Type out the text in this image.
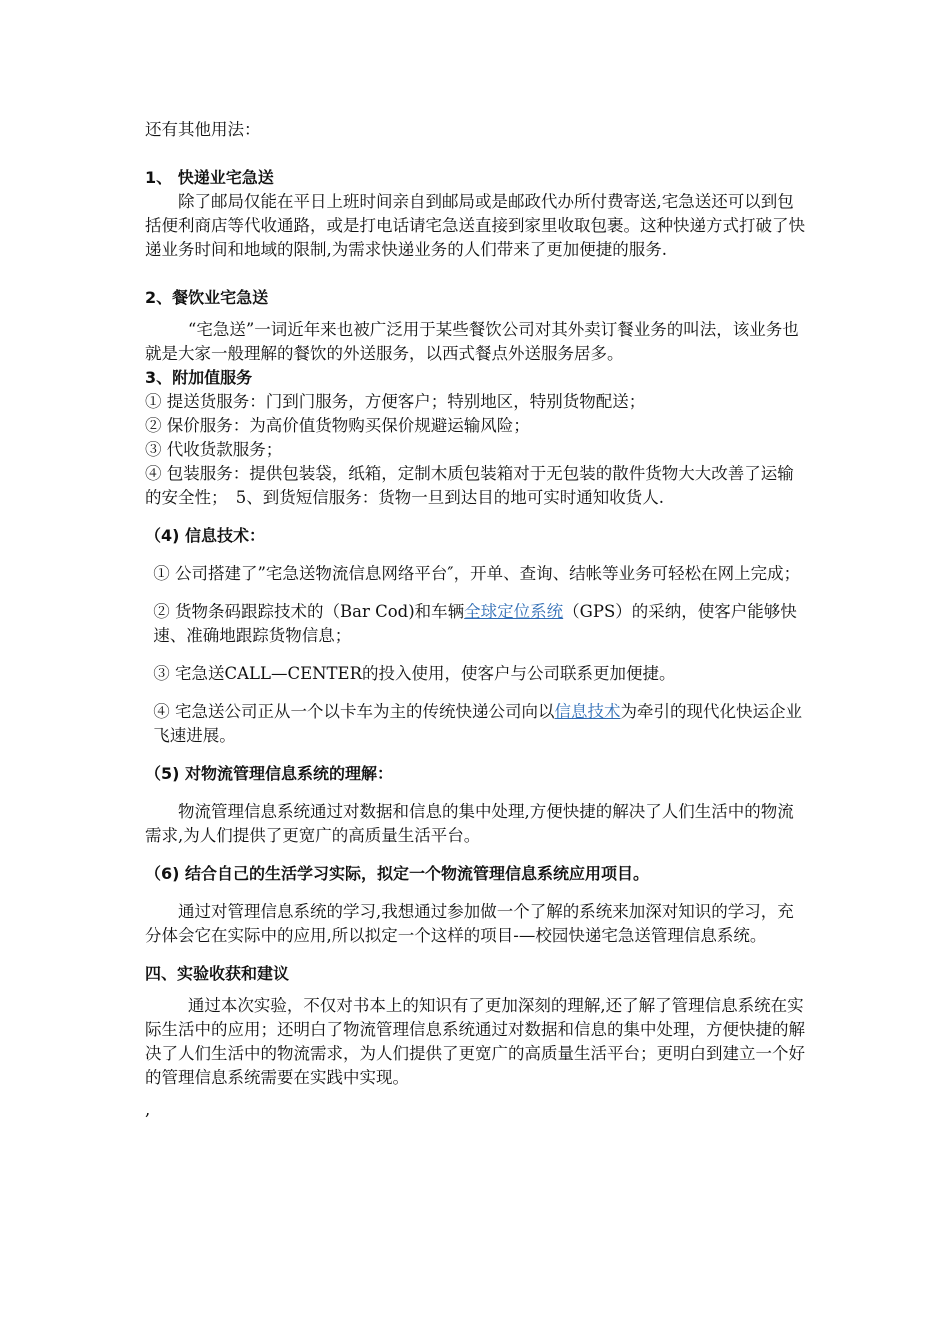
还有其他用法：

1、 快递业宅急送

除了邮局仅能在平日上班时间亲自到邮局或是邮政代办所付费寄送,宅急送还可以到包括便利商店等代收通路，或是打电话请宅急送直接到家里收取包裹。这种快递方式打破了快递业务时间和地域的限制,为需求快递业务的人们带来了更加便捷的服务.

2、餐饮业宅急送

“宅急送”一词近年来也被广泛用于某些餐饮公司对其外卖订餐业务的叫法，该业务也就是大家一般理解的餐饮的外送服务，以西式餐点外送服务居多。

3、附加值服务

① 提送货服务：门到门服务，方便客户；特别地区，特别货物配送；

② 保价服务：为高价值货物购买保价规避运输风险；

③ 代收货款服务；

④ 包装服务：提供包装袋，纸箱，定制木质包装箱对于无包装的散件货物大大改善了运输的安全性；　5、到货短信服务：货物一旦到达目的地可实时通知收货人.

（4) 信息技术：

① 公司搭建了”宅急送物流信息网络平台″，开单、查询、结帐等业务可轻松在网上完成；

② 货物条码跟踪技术的（Bar Cod)和车辆全球定位系统（GPS）的采纳，使客户能够快速、准确地跟踪货物信息；

③ 宅急送CALL—CENTER的投入使用，使客户与公司联系更加便捷。

④ 宅急送公司正从一个以卡车为主的传统快递公司向以信息技术为牵引的现代化快运企业飞速进展。

（5) 对物流管理信息系统的理解：

物流管理信息系统通过对数据和信息的集中处理,方便快捷的解决了人们生活中的物流需求,为人们提供了更宽广的高质量生活平台。

（6) 结合自己的生活学习实际，拟定一个物流管理信息系统应用项目。

通过对管理信息系统的学习,我想通过参加做一个了解的系统来加深对知识的学习，充分体会它在实际中的应用,所以拟定一个这样的项目-—校园快递宅急送管理信息系统。

四、实验收获和建议

通过本次实验，不仅对书本上的知识有了更加深刻的理解,还了解了管理信息系统在实际生活中的应用；还明白了物流管理信息系统通过对数据和信息的集中处理，方便快捷的解决了人们生活中的物流需求，为人们提供了更宽广的高质量生活平台；更明白到建立一个好的管理信息系统需要在实践中实现。

,
